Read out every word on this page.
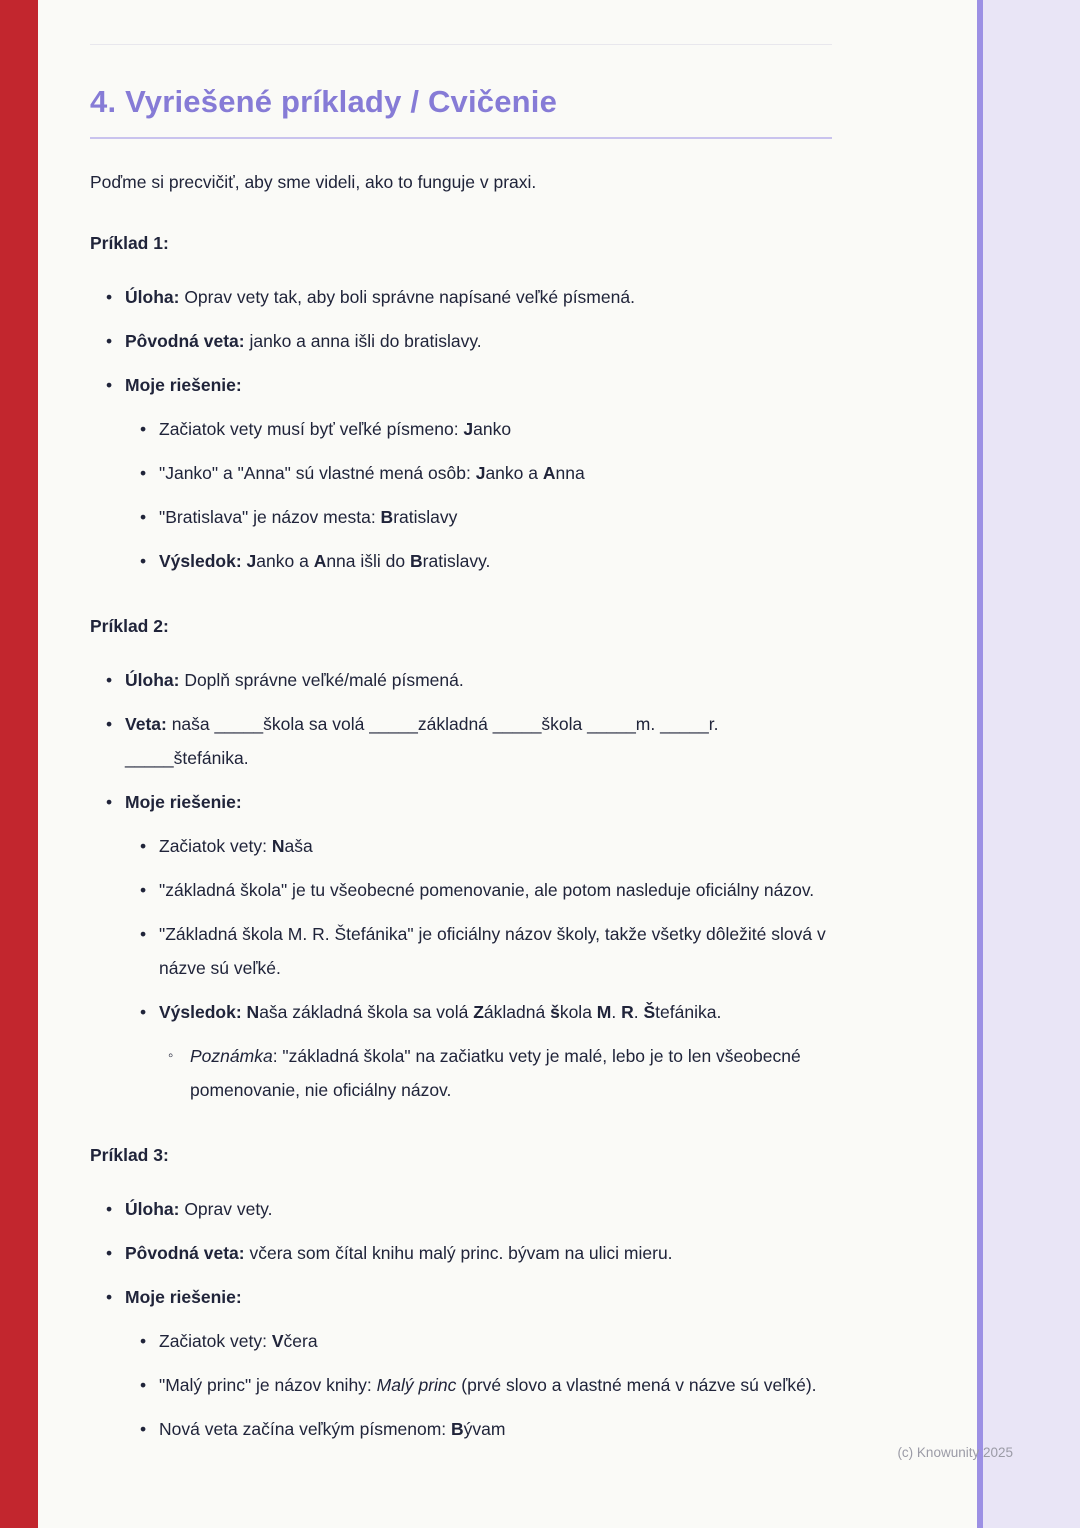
4. Vyriešené príklady / Cvičenie

Poďme si precvičiť, aby sme videli, ako to funguje v praxi.

Príklad 1:
• Úloha: Oprav vety tak, aby boli správne napísané veľké písmená.
• Pôvodná veta: janko a anna išli do bratislavy.
• Moje riešenie:
• Začiatok vety musí byť veľké písmeno: Janko
• "Janko" a "Anna" sú vlastné mená osôb: Janko a Anna
• "Bratislava" je názov mesta: Bratislavy
• Výsledok: Janko a Anna išli do Bratislavy.
Príklad 2:
• Úloha: Doplň správne veľké/malé písmená.
• Veta: naša _____škola sa volá _____základná _____škola _____m. _____r. _____štefánika.
• Moje riešenie:
• Začiatok vety: Naša
• "základná škola" je tu všeobecné pomenovanie, ale potom nasleduje oficiálny názov.
• "Základná škola M. R. Štefánika" je oficiálny názov školy, takže všetky dôležité slová v názve sú veľké.
• Výsledok: Naša základná škola sa volá Základná škola M. R. Štefánika.
◦ Poznámka: "základná škola" na začiatku vety je malé, lebo je to len všeobecné pomenovanie, nie oficiálny názov.
Príklad 3:
• Úloha: Oprav vety.
• Pôvodná veta: včera som čítal knihu malý princ. bývam na ulici mieru.
• Moje riešenie:
• Začiatok vety: Včera
• "Malý princ" je názov knihy: Malý princ (prvé slovo a vlastné mená v názve sú veľké).
• Nová veta začína veľkým písmenom: Bývam
(c) Knowunity 2025
